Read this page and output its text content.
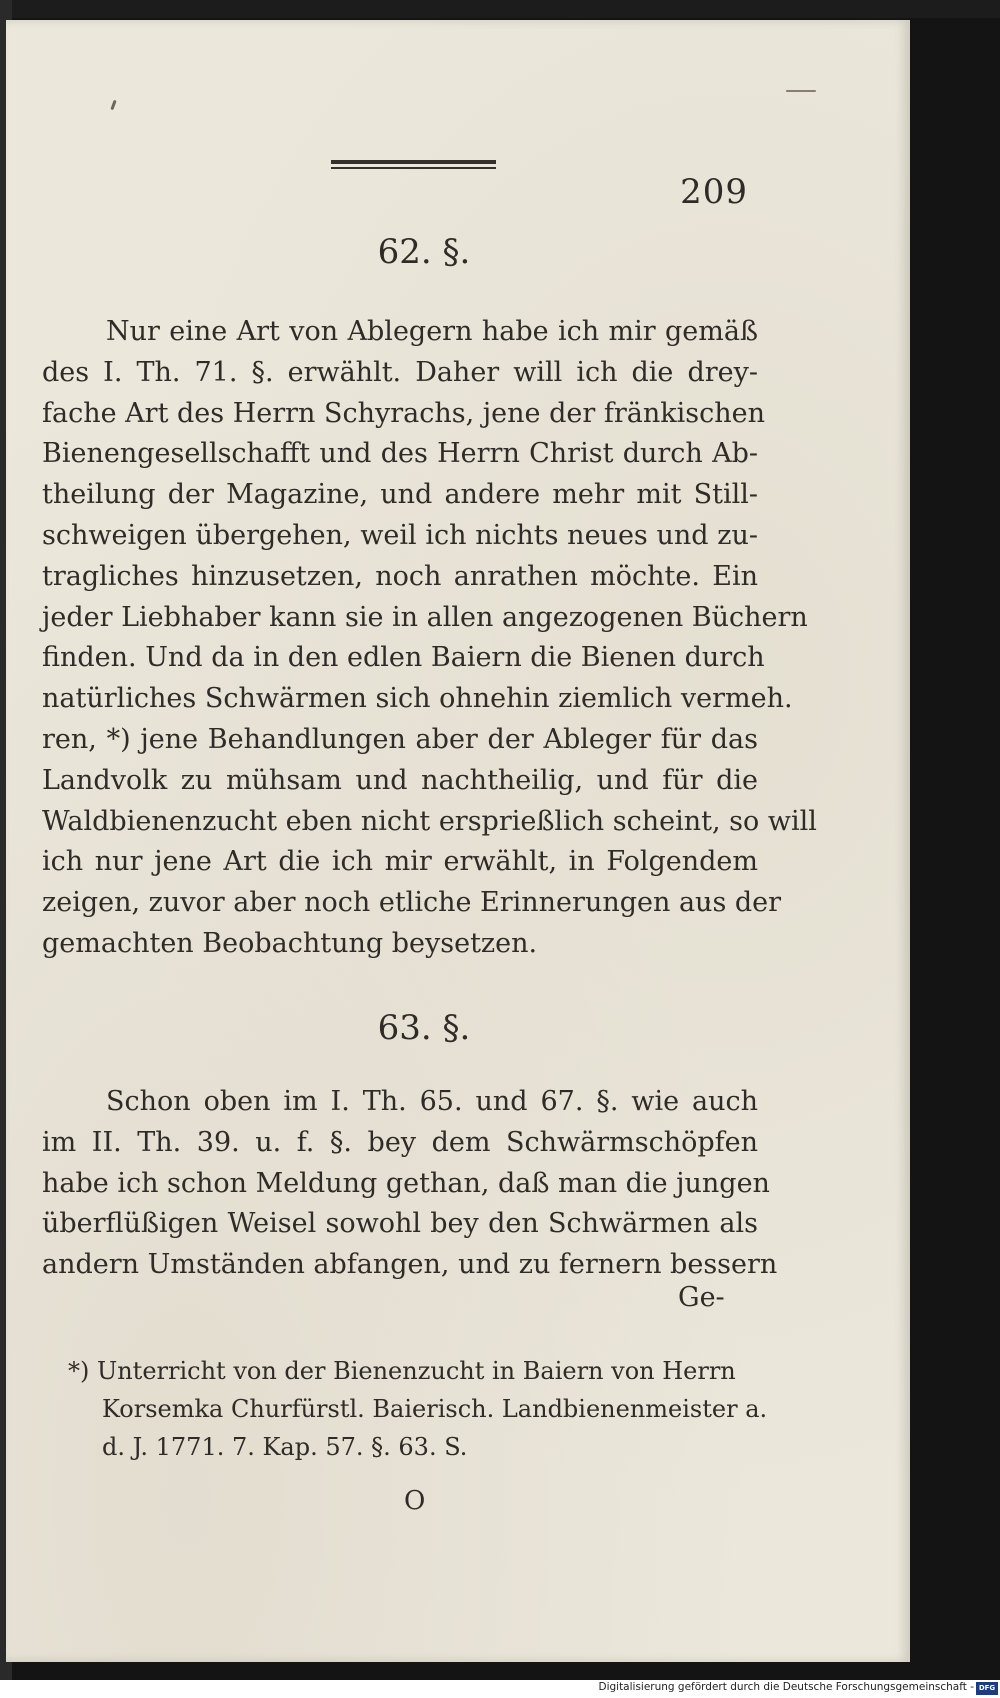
209
62. §.
Nur eine Art von Ablegern habe ich mir gemäß
des I. Th. 71. §. erwählt. Daher will ich die drey-
fache Art des Herrn Schyrachs, jene der fränkischen
Bienengesellschafft und des Herrn Christ durch Ab-
theilung der Magazine, und andere mehr mit Still-
schweigen übergehen, weil ich nichts neues und zu-
tragliches hinzusetzen, noch anrathen möchte. Ein
jeder Liebhaber kann sie in allen angezogenen Büchern
finden. Und da in den edlen Baiern die Bienen durch
natürliches Schwärmen sich ohnehin ziemlich vermeh.
ren, *) jene Behandlungen aber der Ableger für das
Landvolk zu mühsam und nachtheilig, und für die
Waldbienenzucht eben nicht ersprießlich scheint, so will
ich nur jene Art die ich mir erwählt, in Folgendem
zeigen, zuvor aber noch etliche Erinnerungen aus der
gemachten Beobachtung beysetzen.
63. §.
Schon oben im I. Th. 65. und 67. §. wie auch
im II. Th. 39. u. f. §. bey dem Schwärmschöpfen
habe ich schon Meldung gethan, daß man die jungen
überflüßigen Weisel sowohl bey den Schwärmen als
andern Umständen abfangen, und zu fernern bessern
Ge-
*) Unterricht von der Bienenzucht in Baiern von Herrn
Korsemka Churfürstl. Baierisch. Landbienenmeister a.
d. J. 1771. 7. Kap. 57. §. 63. S.
O
Digitalisierung gefördert durch die Deutsche Forschungsgemeinschaft - DFG
